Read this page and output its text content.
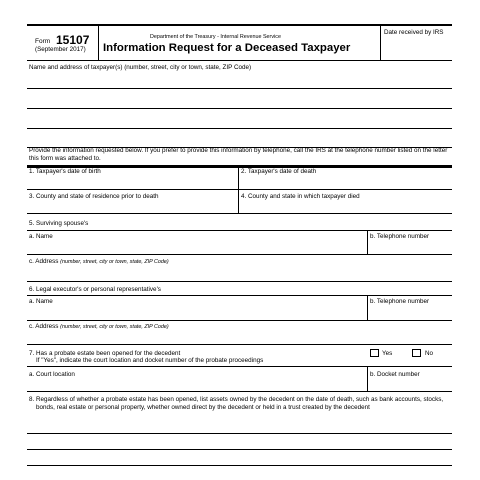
Form 15107
(September 2017)
Department of the Treasury - Internal Revenue Service
Information Request for a Deceased Taxpayer
Date received by IRS
Name and address of taxpayer(s) (number, street, city or town, state, ZIP Code)
Provide the information requested below. If you prefer to provide this information by telephone, call the IRS at the telephone number listed on the letter this form was attached to.
1. Taxpayer's date of birth	2. Taxpayer's date of death
3. County and state of residence prior to death	4. County and state in which taxpayer died
5. Surviving spouse's
a. Name	b. Telephone number
c. Address (number, street, city or town, state, ZIP Code)
6. Legal executor's or personal representative's
a. Name	b. Telephone number
c. Address (number, street, city or town, state, ZIP Code)
7. Has a probate estate been opened for the decedent
If "Yes", indicate the court location and docket number of the probate proceedings
Yes	No
a. Court location	b. Docket number
8. Regardless of whether a probate estate has been opened, list assets owned by the decedent on the date of death, such as bank accounts, stocks, bonds, real estate or personal property, whether owned direct by the decedent or held in a trust created by the decedent
